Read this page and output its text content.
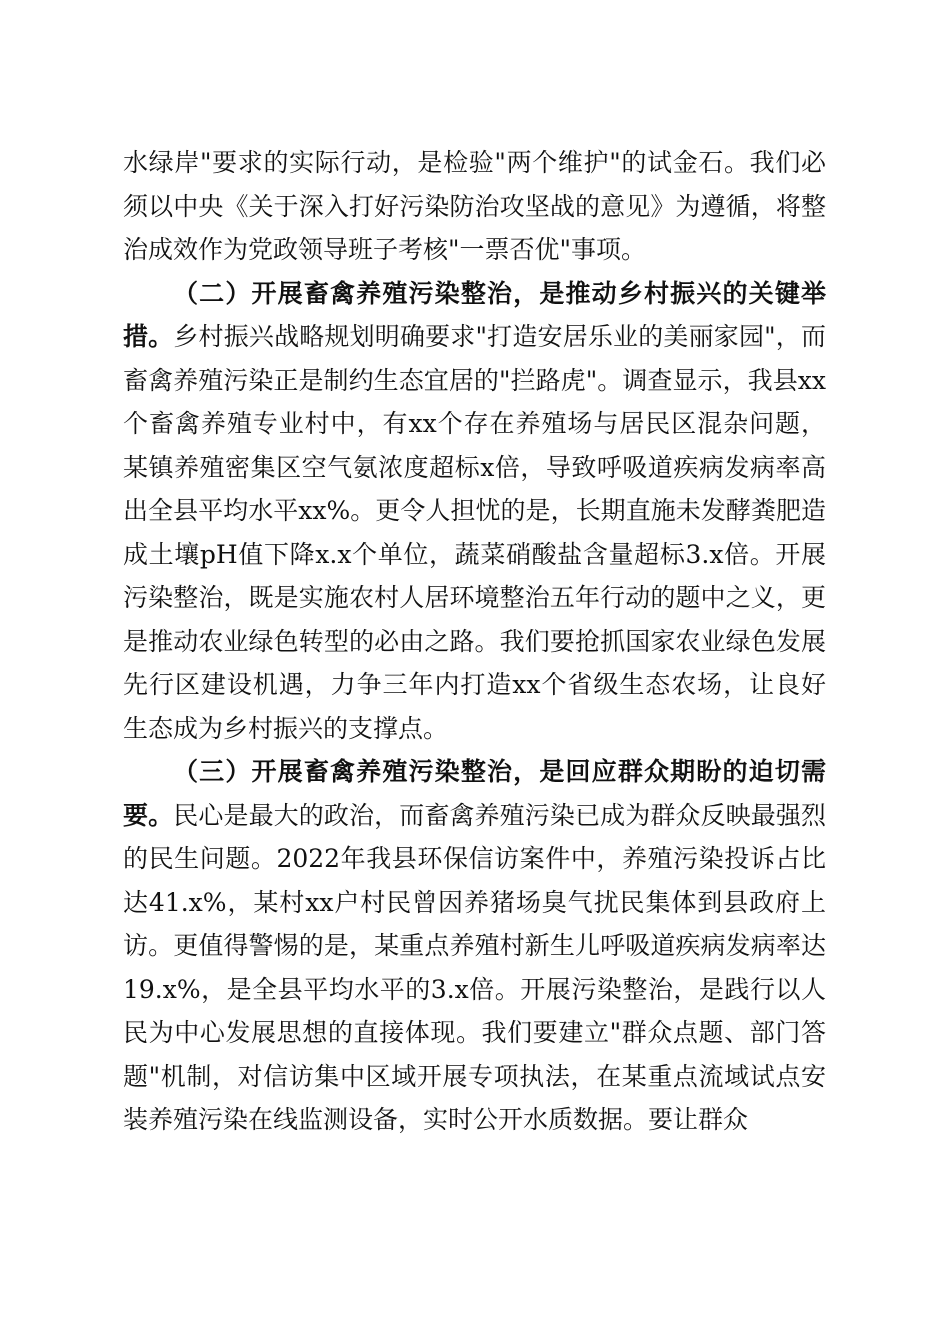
水绿岸"要求的实际行动，是检验"两个维护"的试金石。我们必须以中央《关于深入打好污染防治攻坚战的意见》为遵循，将整治成效作为党政领导班子考核"一票否优"事项。

（二）开展畜禽养殖污染整治，是推动乡村振兴的关键举措。乡村振兴战略规划明确要求"打造安居乐业的美丽家园"，而畜禽养殖污染正是制约生态宜居的"拦路虎"。调查显示，我县xx个畜禽养殖专业村中，有xx个存在养殖场与居民区混杂问题，某镇养殖密集区空气氨浓度超标x倍，导致呼吸道疾病发病率高出全县平均水平xx%。更令人担忧的是，长期直施未发酵粪肥造成土壤pH值下降x.x个单位，蔬菜硝酸盐含量超标3.x倍。开展污染整治，既是实施农村人居环境整治五年行动的题中之义，更是推动农业绿色转型的必由之路。我们要抢抓国家农业绿色发展先行区建设机遇，力争三年内打造xx个省级生态农场，让良好生态成为乡村振兴的支撑点。

（三）开展畜禽养殖污染整治，是回应群众期盼的迫切需要。民心是最大的政治，而畜禽养殖污染已成为群众反映最强烈的民生问题。2022年我县环保信访案件中，养殖污染投诉占比达41.x%，某村xx户村民曾因养猪场臭气扰民集体到县政府上访。更值得警惕的是，某重点养殖村新生儿呼吸道疾病发病率达19.x%，是全县平均水平的3.x倍。开展污染整治，是践行以人民为中心发展思想的直接体现。我们要建立"群众点题、部门答题"机制，对信访集中区域开展专项执法，在某重点流域试点安装养殖污染在线监测设备，实时公开水质数据。要让群众
